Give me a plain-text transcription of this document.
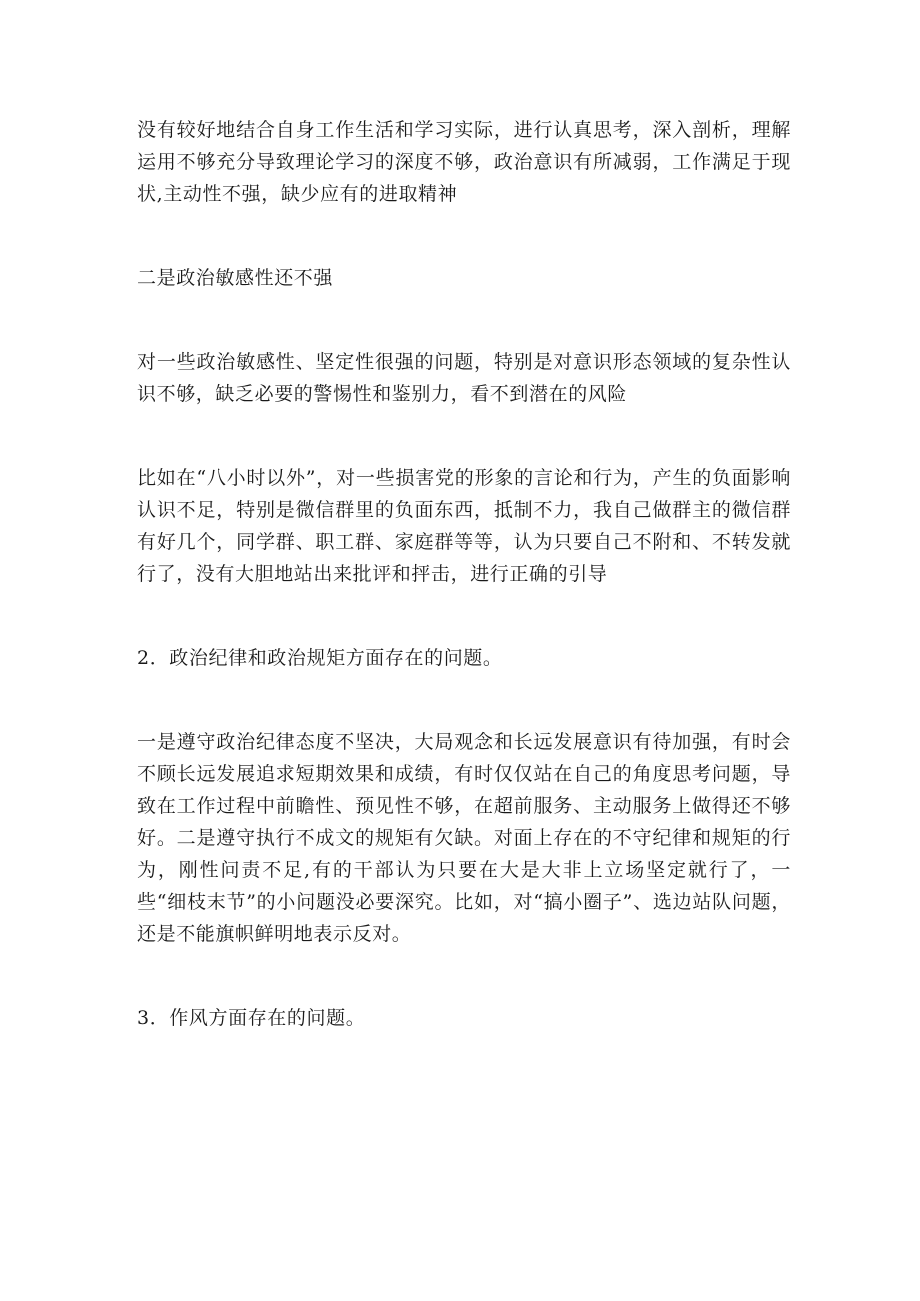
没有较好地结合自身工作生活和学习实际，进行认真思考，深入剖析，理解运用不够充分导致理论学习的深度不够，政治意识有所减弱，工作满足于现状,主动性不强，缺少应有的进取精神

二是政治敏感性还不强

对一些政治敏感性、坚定性很强的问题，特别是对意识形态领域的复杂性认识不够，缺乏必要的警惕性和鉴别力，看不到潜在的风险

比如在“八小时以外”，对一些损害党的形象的言论和行为，产生的负面影响认识不足，特别是微信群里的负面东西，抵制不力，我自己做群主的微信群有好几个，同学群、职工群、家庭群等等，认为只要自己不附和、不转发就行了，没有大胆地站出来批评和抨击，进行正确的引导

2．政治纪律和政治规矩方面存在的问题。

一是遵守政治纪律态度不坚决，大局观念和长远发展意识有待加强，有时会不顾长远发展追求短期效果和成绩，有时仅仅站在自己的角度思考问题，导致在工作过程中前瞻性、预见性不够，在超前服务、主动服务上做得还不够好。二是遵守执行不成文的规矩有欠缺。对面上存在的不守纪律和规矩的行为，刚性问责不足,有的干部认为只要在大是大非上立场坚定就行了，一些“细枝末节”的小问题没必要深究。比如，对“搞小圈子”、选边站队问题，还是不能旗帜鲜明地表示反对。

3．作风方面存在的问题。
